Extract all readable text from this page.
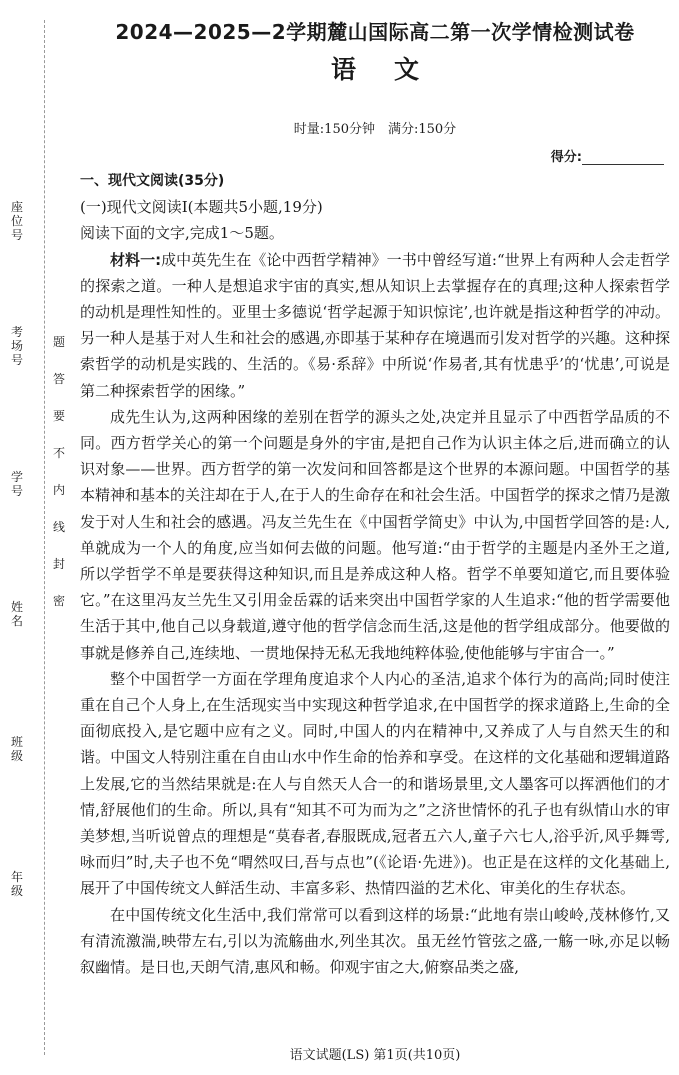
座位号
考场号
学号
姓名
班级
年级
题
答
要
不
内
线
封
密
2024—2025—2学期麓山国际高二第一次学情检测试卷
语文
时量:150分钟　满分:150分
得分:

一、现代文阅读(35分)

(一)现代文阅读Ⅰ(本题共5小题,19分)

阅读下面的文字,完成1～5题。

材料一:成中英先生在《论中西哲学精神》一书中曾经写道:“世界上有两种人会走哲学的探索之道。一种人是想追求宇宙的真实,想从知识上去掌握存在的真理;这种人探索哲学的动机是理性知性的。亚里士多德说‘哲学起源于知识惊诧’,也许就是指这种哲学的冲动。另一种人是基于对人生和社会的感遇,亦即基于某种存在境遇而引发对哲学的兴趣。这种探索哲学的动机是实践的、生活的。《易·系辞》中所说‘作易者,其有忧患乎’的‘忧患’,可说是第二种探索哲学的困缘。”

成先生认为,这两种困缘的差别在哲学的源头之处,决定并且显示了中西哲学品质的不同。西方哲学关心的第一个问题是身外的宇宙,是把自己作为认识主体之后,进而确立的认识对象——世界。西方哲学的第一次发问和回答都是这个世界的本源问题。中国哲学的基本精神和基本的关注却在于人,在于人的生命存在和社会生活。中国哲学的探求之情乃是激发于对人生和社会的感遇。冯友兰先生在《中国哲学简史》中认为,中国哲学回答的是:人,单就成为一个人的角度,应当如何去做的问题。他写道:“由于哲学的主题是内圣外王之道,所以学哲学不单是要获得这种知识,而且是养成这种人格。哲学不单要知道它,而且要体验它。”在这里冯友兰先生又引用金岳霖的话来突出中国哲学家的人生追求:“他的哲学需要他生活于其中,他自己以身载道,遵守他的哲学信念而生活,这是他的哲学组成部分。他要做的事就是修养自己,连续地、一贯地保持无私无我地纯粹体验,使他能够与宇宙合一。”

整个中国哲学一方面在学理角度追求个人内心的圣洁,追求个体行为的高尚;同时使注重在自己个人身上,在生活现实当中实现这种哲学追求,在中国哲学的探求道路上,生命的全面彻底投入,是它题中应有之义。同时,中国人的内在精神中,又养成了人与自然天生的和谐。中国文人特别注重在自由山水中作生命的怡养和享受。在这样的文化基础和逻辑道路上发展,它的当然结果就是:在人与自然天人合一的和谐场景里,文人墨客可以挥洒他们的才情,舒展他们的生命。所以,具有“知其不可为而为之”之济世情怀的孔子也有纵情山水的审美梦想,当听说曾点的理想是“莫春者,春服既成,冠者五六人,童子六七人,浴乎沂,风乎舞雩,咏而归”时,夫子也不免“喟然叹曰,吾与点也”(《论语·先进》)。也正是在这样的文化基础上,展开了中国传统文人鲜活生动、丰富多彩、热情四溢的艺术化、审美化的生存状态。

在中国传统文化生活中,我们常常可以看到这样的场景:“此地有崇山峻岭,茂林修竹,又有清流激湍,映带左右,引以为流觞曲水,列坐其次。虽无丝竹管弦之盛,一觞一咏,亦足以畅叙幽情。是日也,天朗气清,惠风和畅。仰观宇宙之大,俯察品类之盛,

语文试题(LS) 第1页(共10页)
